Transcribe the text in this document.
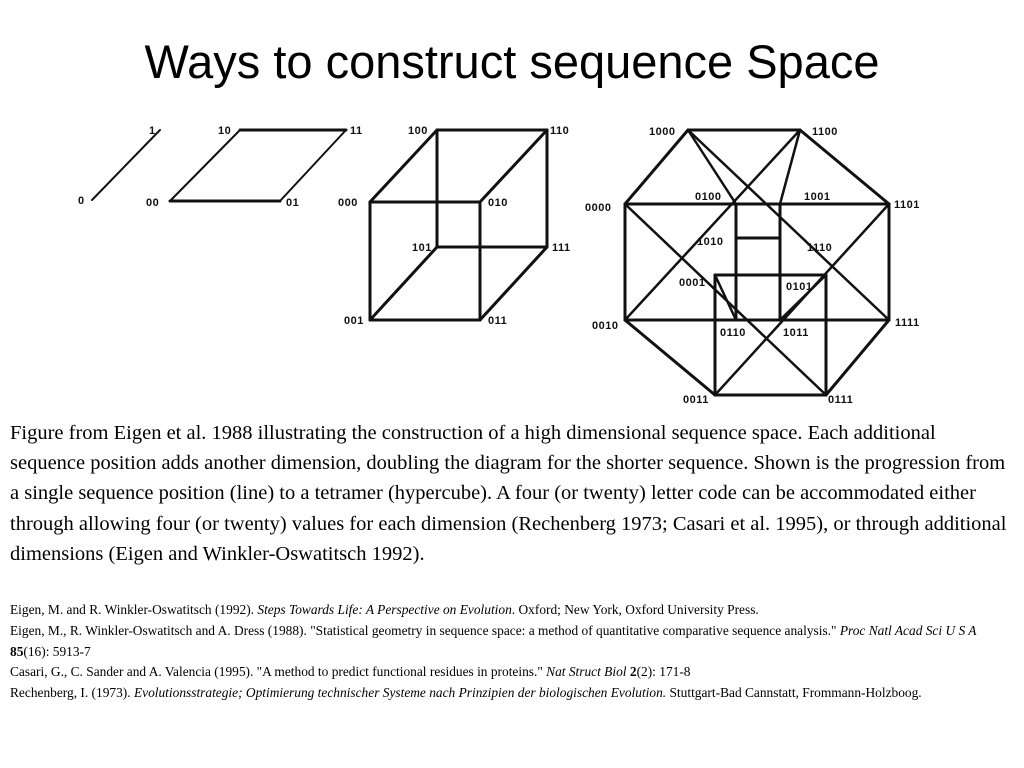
Ways to construct sequence Space
1
0
10	11
00	01
100	110
000	010
101	111
001	011
1000	1100
0100	1001
0000	1101
1010	1110
0001	0101
0010	1111
0110	1011
0011	0111

Figure from Eigen et al. 1988 illustrating the construction of a high dimensional sequence space. Each additional sequence position adds another dimension, doubling the diagram for the shorter sequence. Shown is the progression from a single sequence position (line) to a tetramer (hypercube). A four (or twenty) letter code can be accommodated either through allowing four (or twenty) values for each dimension (Rechenberg 1973; Casari et al. 1995), or through additional dimensions (Eigen and Winkler-Oswatitsch 1992).

Eigen, M. and R. Winkler-Oswatitsch (1992). Steps Towards Life: A Perspective on Evolution. Oxford; New York, Oxford University Press.

Eigen, M., R. Winkler-Oswatitsch and A. Dress (1988). "Statistical geometry in sequence space: a method of quantitative comparative sequence analysis." Proc Natl Acad Sci U S A 85(16): 5913-7

Casari, G., C. Sander and A. Valencia (1995). "A method to predict functional residues in proteins." Nat Struct Biol 2(2): 171-8

Rechenberg, I. (1973). Evolutionsstrategie; Optimierung technischer Systeme nach Prinzipien der biologischen Evolution. Stuttgart-Bad Cannstatt, Frommann-Holzboog.
